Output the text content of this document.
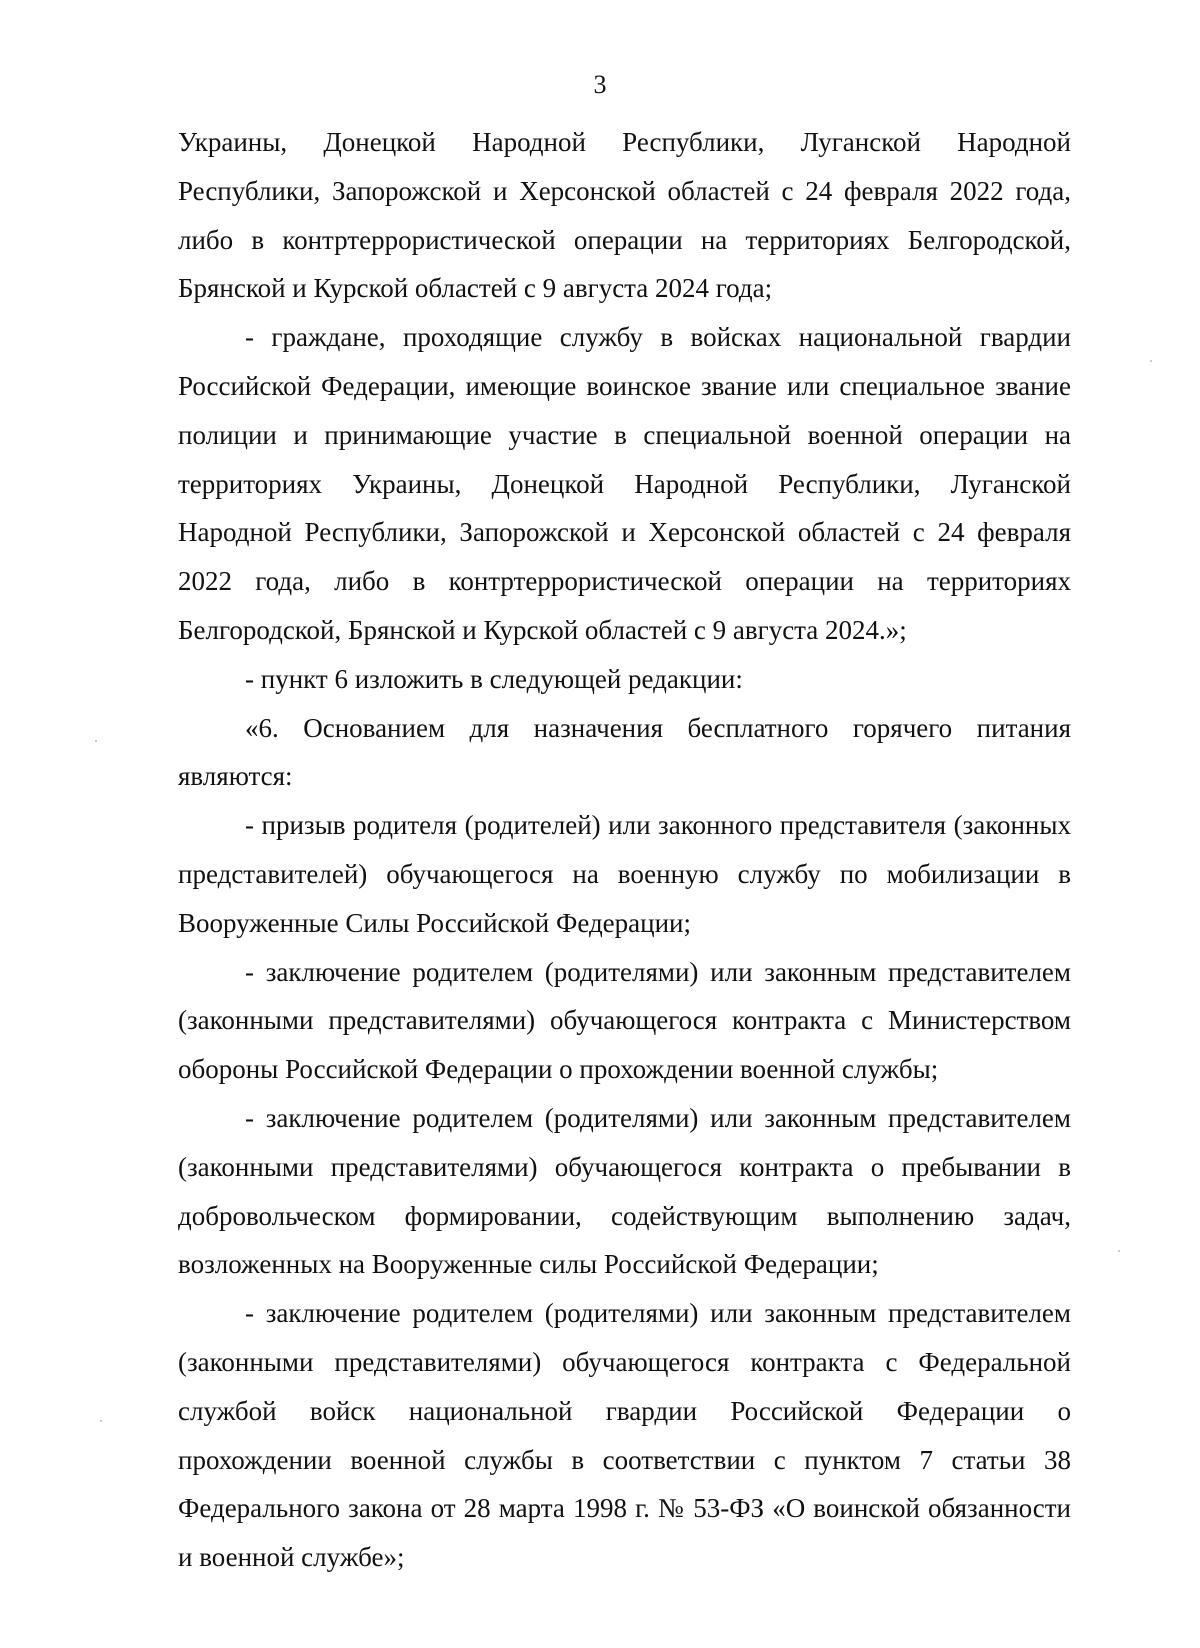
3

Украины, Донецкой Народной Республики, Луганской Народной Республики, Запорожской и Херсонской областей с 24 февраля 2022 года, либо в контртеррористической операции на территориях Белгородской, Брянской и Курской областей с 9 августа 2024 года;

- граждане, проходящие службу в войсках национальной гвардии Российской Федерации, имеющие воинское звание или специальное звание полиции и принимающие участие в специальной военной операции на территориях Украины, Донецкой Народной Республики, Луганской Народной Республики, Запорожской и Херсонской областей с 24 февраля 2022 года, либо в контртеррористической операции на территориях Белгородской, Брянской и Курской областей с 9 августа 2024.»;

- пункт 6 изложить в следующей редакции:

«6. Основанием для назначения бесплатного горячего питания являются:

- призыв родителя (родителей) или законного представителя (законных представителей) обучающегося на военную службу по мобилизации в Вооруженные Силы Российской Федерации;

- заключение родителем (родителями) или законным представителем (законными представителями) обучающегося контракта с Министерством обороны Российской Федерации о прохождении военной службы;

- заключение родителем (родителями) или законным представителем (законными представителями) обучающегося контракта о пребывании в добровольческом формировании, содействующим выполнению задач, возложенных на Вооруженные силы Российской Федерации;

- заключение родителем (родителями) или законным представителем (законными представителями) обучающегося контракта с Федеральной службой войск национальной гвардии Российской Федерации о прохождении военной службы в соответствии с пунктом 7 статьи 38 Федерального закона от 28 марта 1998 г. № 53-ФЗ «О воинской обязанности и военной службе»;
